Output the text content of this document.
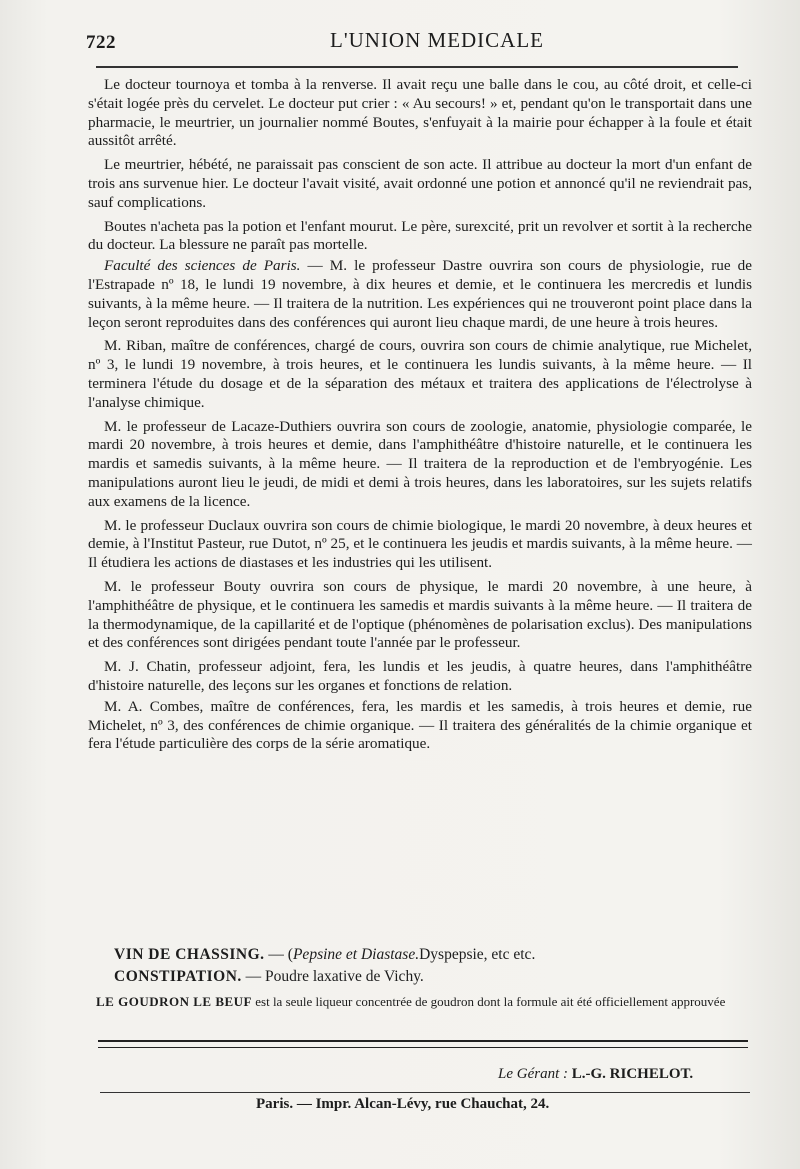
722	L'UNION MEDICALE

Le docteur tournoya et tomba à la renverse. Il avait reçu une balle dans le cou, au côté droit, et celle-ci s'était logée près du cervelet. Le docteur put crier : « Au secours! » et, pendant qu'on le transportait dans une pharmacie, le meurtrier, un journalier nommé Boutes, s'enfuyait à la mairie pour échapper à la foule et était aussitôt arrêté.

Le meurtrier, hébété, ne paraissait pas conscient de son acte. Il attribue au docteur la mort d'un enfant de trois ans survenue hier. Le docteur l'avait visité, avait ordonné une potion et annoncé qu'il ne reviendrait pas, sauf complications.

Boutes n'acheta pas la potion et l'enfant mourut. Le père, surexcité, prit un revolver et sortit à la recherche du docteur. La blessure ne paraît pas mortelle.

Faculté des sciences de Paris. — M. le professeur Dastre ouvrira son cours de physiologie, rue de l'Estrapade nº 18, le lundi 19 novembre, à dix heures et demie, et le continuera les mercredis et lundis suivants, à la même heure. — Il traitera de la nutrition. Les expériences qui ne trouveront point place dans la leçon seront reproduites dans des conférences qui auront lieu chaque mardi, de une heure à trois heures.

M. Riban, maître de conférences, chargé de cours, ouvrira son cours de chimie analytique, rue Michelet, nº 3, le lundi 19 novembre, à trois heures, et le continuera les lundis suivants, à la même heure. — Il terminera l'étude du dosage et de la séparation des métaux et traitera des applications de l'électrolyse à l'analyse chimique.

M. le professeur de Lacaze-Duthiers ouvrira son cours de zoologie, anatomie, physiologie comparée, le mardi 20 novembre, à trois heures et demie, dans l'amphithéâtre d'histoire naturelle, et le continuera les mardis et samedis suivants, à la même heure. — Il traitera de la reproduction et de l'embryogénie. Les manipulations auront lieu le jeudi, de midi et demi à trois heures, dans les laboratoires, sur les sujets relatifs aux examens de la licence.

M. le professeur Duclaux ouvrira son cours de chimie biologique, le mardi 20 novembre, à deux heures et demie, à l'Institut Pasteur, rue Dutot, nº 25, et le continuera les jeudis et mardis suivants, à la même heure. — Il étudiera les actions de diastases et les industries qui les utilisent.

M. le professeur Bouty ouvrira son cours de physique, le mardi 20 novembre, à une heure, à l'amphithéâtre de physique, et le continuera les samedis et mardis suivants à la même heure. — Il traitera de la thermodynamique, de la capillarité et de l'optique (phénomènes de polarisation exclus). Des manipulations et des conférences sont dirigées pendant toute l'année par le professeur.

M. J. Chatin, professeur adjoint, fera, les lundis et les jeudis, à quatre heures, dans l'amphithéâtre d'histoire naturelle, des leçons sur les organes et fonctions de relation.

M. A. Combes, maître de conférences, fera, les mardis et les samedis, à trois heures et demie, rue Michelet, nº 3, des conférences de chimie organique. — Il traitera des généralités de la chimie organique et fera l'étude particulière des corps de la série aromatique.

VIN DE CHASSING. — (Pepsine et Diastase.Dyspepsie, etc etc.
CONSTIPATION. — Poudre laxative de Vichy.
LE GOUDRON LE BEUF est la seule liqueur concentrée de goudron dont la formule ait été officiellement approuvée
Le Gérant : L.-G. RICHELOT.
Paris. — Impr. Alcan-Lévy, rue Chauchat, 24.
